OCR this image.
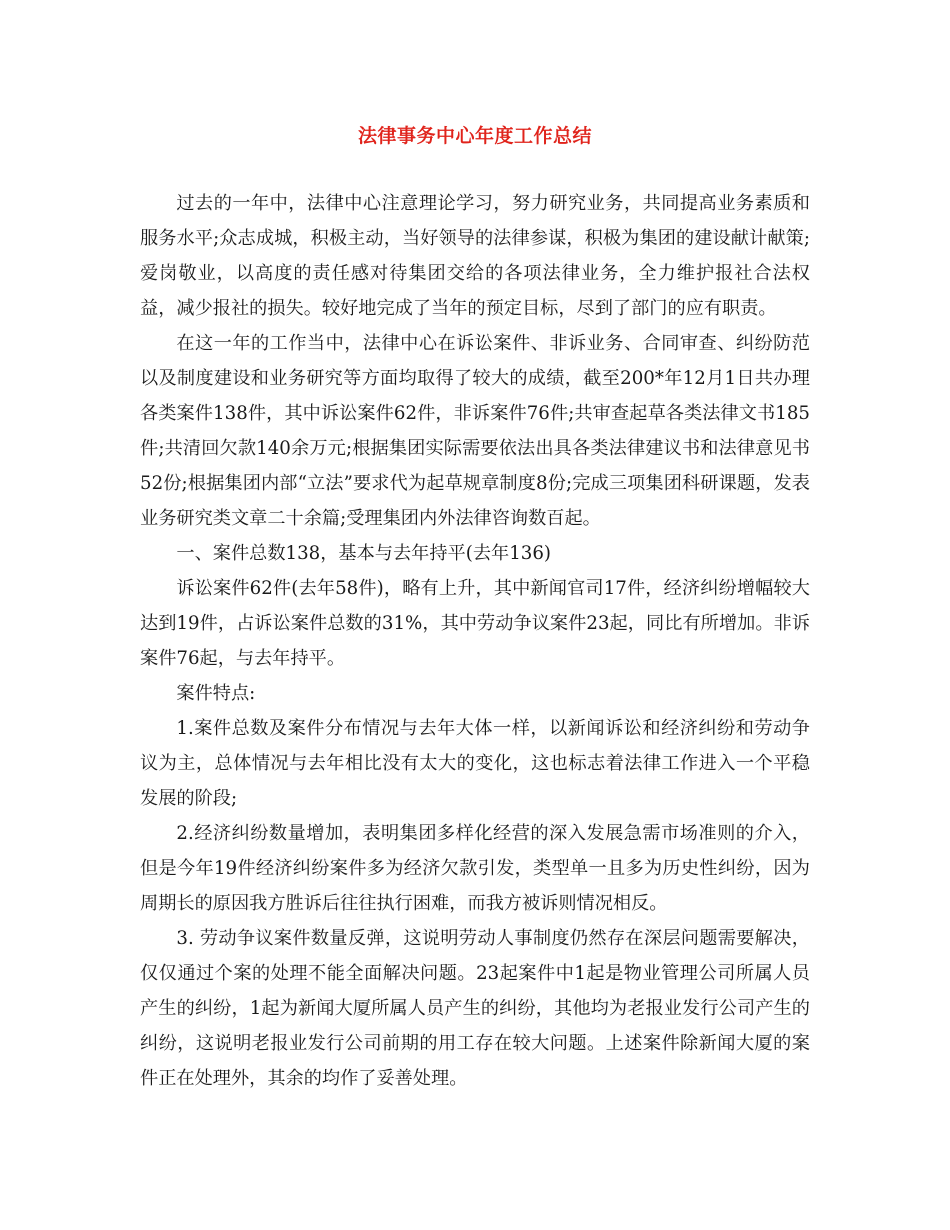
法律事务中心年度工作总结

过去的一年中，法律中心注意理论学习，努力研究业务，共同提高业务素质和服务水平;众志成城，积极主动，当好领导的法律参谋，积极为集团的建设献计献策;爱岗敬业，以高度的责任感对待集团交给的各项法律业务，全力维护报社合法权益，减少报社的损失。较好地完成了当年的预定目标，尽到了部门的应有职责。

在这一年的工作当中，法律中心在诉讼案件、非诉业务、合同审查、纠纷防范以及制度建设和业务研究等方面均取得了较大的成绩，截至200*年12月1日共办理各类案件138件，其中诉讼案件62件，非诉案件76件;共审查起草各类法律文书185件;共清回欠款140余万元;根据集团实际需要依法出具各类法律建议书和法律意见书52份;根据集团内部“立法”要求代为起草规章制度8份;完成三项集团科研课题，发表业务研究类文章二十余篇;受理集团内外法律咨询数百起。

一、案件总数138，基本与去年持平(去年136)

诉讼案件62件(去年58件)，略有上升，其中新闻官司17件，经济纠纷增幅较大达到19件，占诉讼案件总数的31%，其中劳动争议案件23起，同比有所增加。非诉案件76起，与去年持平。

案件特点:

1.案件总数及案件分布情况与去年大体一样，以新闻诉讼和经济纠纷和劳动争议为主，总体情况与去年相比没有太大的变化，这也标志着法律工作进入一个平稳发展的阶段;

2.经济纠纷数量增加，表明集团多样化经营的深入发展急需市场准则的介入，但是今年19件经济纠纷案件多为经济欠款引发，类型单一且多为历史性纠纷，因为周期长的原因我方胜诉后往往执行困难，而我方被诉则情况相反。

3. 劳动争议案件数量反弹，这说明劳动人事制度仍然存在深层问题需要解决，仅仅通过个案的处理不能全面解决问题。23起案件中1起是物业管理公司所属人员产生的纠纷，1起为新闻大厦所属人员产生的纠纷，其他均为老报业发行公司产生的纠纷，这说明老报业发行公司前期的用工存在较大问题。上述案件除新闻大厦的案件正在处理外，其余的均作了妥善处理。
